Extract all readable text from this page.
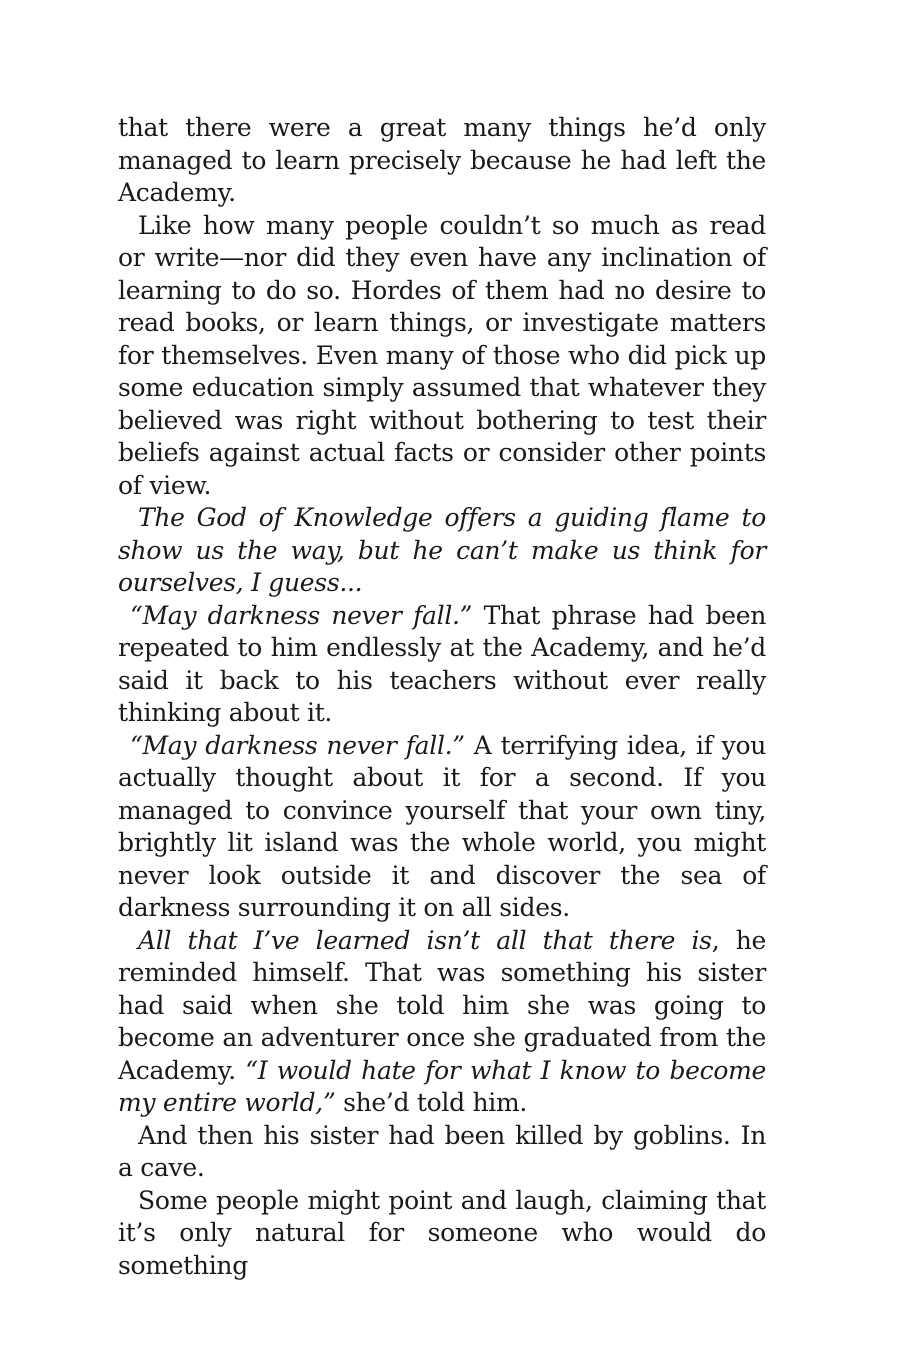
that there were a great many things he’d only managed to learn precisely because he had left the Academy.

Like how many people couldn’t so much as read or write—nor did they even have any inclination of learning to do so. Hordes of them had no desire to read books, or learn things, or investigate matters for themselves. Even many of those who did pick up some education simply assumed that whatever they believed was right without bothering to test their beliefs against actual facts or consider other points of view.

The God of Knowledge offers a guiding flame to show us the way, but he can’t make us think for ourselves, I guess...

“May darkness never fall.” That phrase had been repeated to him endlessly at the Academy, and he’d said it back to his teachers without ever really thinking about it.

“May darkness never fall.” A terrifying idea, if you actually thought about it for a second. If you managed to convince yourself that your own tiny, brightly lit island was the whole world, you might never look outside it and discover the sea of darkness surrounding it on all sides.

All that I’ve learned isn’t all that there is, he reminded himself. That was something his sister had said when she told him she was going to become an adventurer once she graduated from the Academy. “I would hate for what I know to become my entire world,” she’d told him.

And then his sister had been killed by goblins. In a cave.

Some people might point and laugh, claiming that it’s only natural for someone who would do something
